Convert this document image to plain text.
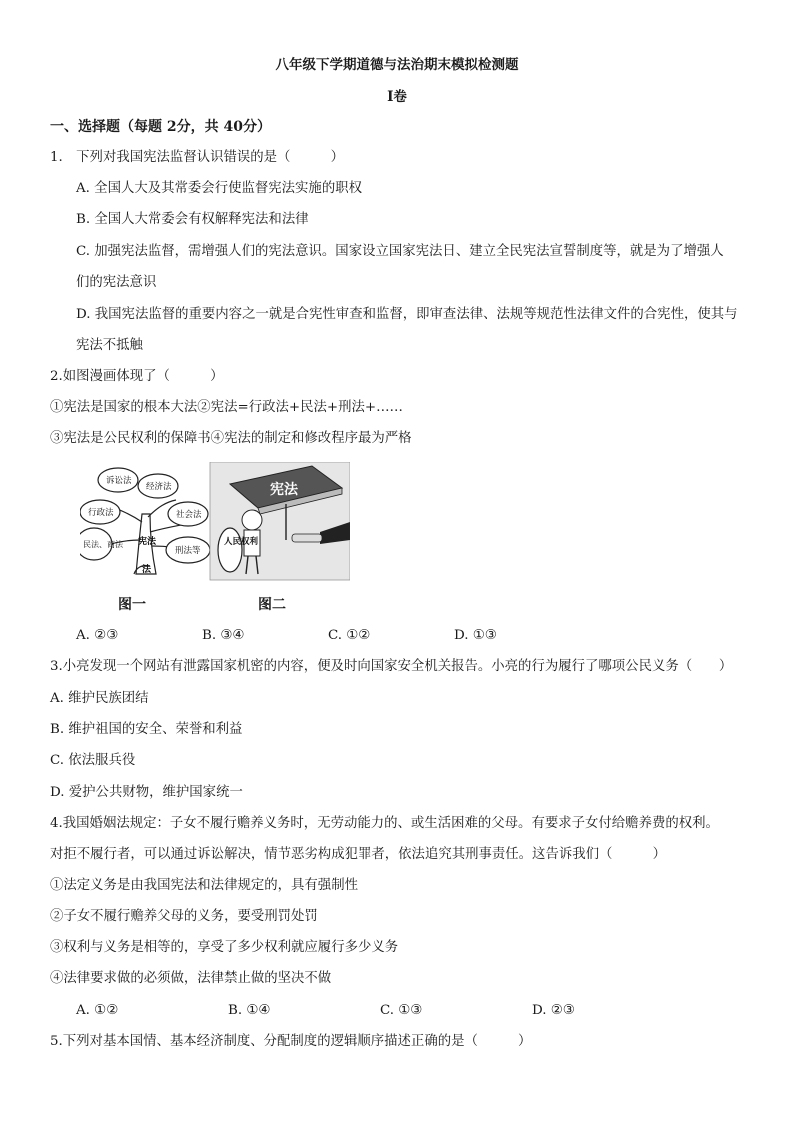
八年级下学期道德与法治期末模拟检测题
Ⅰ卷
一、选择题（每题 2分，共 40分）
1.　下列对我国宪法监督认识错误的是（　　　）
A. 全国人大及其常委会行使监督宪法实施的职权
B. 全国人大常委会有权解释宪法和法律
C. 加强宪法监督，需增强人们的宪法意识。国家设立国家宪法日、建立全民宪法宣誓制度等，就是为了增强人
们的宪法意识
D. 我国宪法监督的重要内容之一就是合宪性审查和监督，即审查法律、法规等规范性法律文件的合宪性，使其与
宪法不抵触
2.如图漫画体现了（　　　）
①宪法是国家的根本大法②宪法=行政法+民法+刑法+……
③宪法是公民权利的保障书④宪法的制定和修改程序最为严格
诉讼法
经济法
行政法	社会法
民法、商法
刑法等
宪法
法
宪法
人民权利
图一	图二
A. ②③	B. ③④	C. ①②	D. ①③
3.小亮发现一个网站有泄露国家机密的内容，便及时向国家安全机关报告。小亮的行为履行了哪项公民义务（　　）
A. 维护民族团结
B. 维护祖国的安全、荣誉和利益
C. 依法服兵役
D. 爱护公共财物，维护国家统一
4.我国婚姻法规定：子女不履行赡养义务时，无劳动能力的、或生活困难的父母。有要求子女付给赡养费的权利。
对拒不履行者，可以通过诉讼解决，情节恶劣构成犯罪者，依法追究其刑事责任。这告诉我们（　　　）
①法定义务是由我国宪法和法律规定的，具有强制性
②子女不履行赡养父母的义务，要受刑罚处罚
③权利与义务是相等的，享受了多少权利就应履行多少义务
④法律要求做的必须做，法律禁止做的坚决不做
A. ①②	B. ①④	C. ①③	D. ②③
5.下列对基本国情、基本经济制度、分配制度的逻辑顺序描述正确的是（　　　）
